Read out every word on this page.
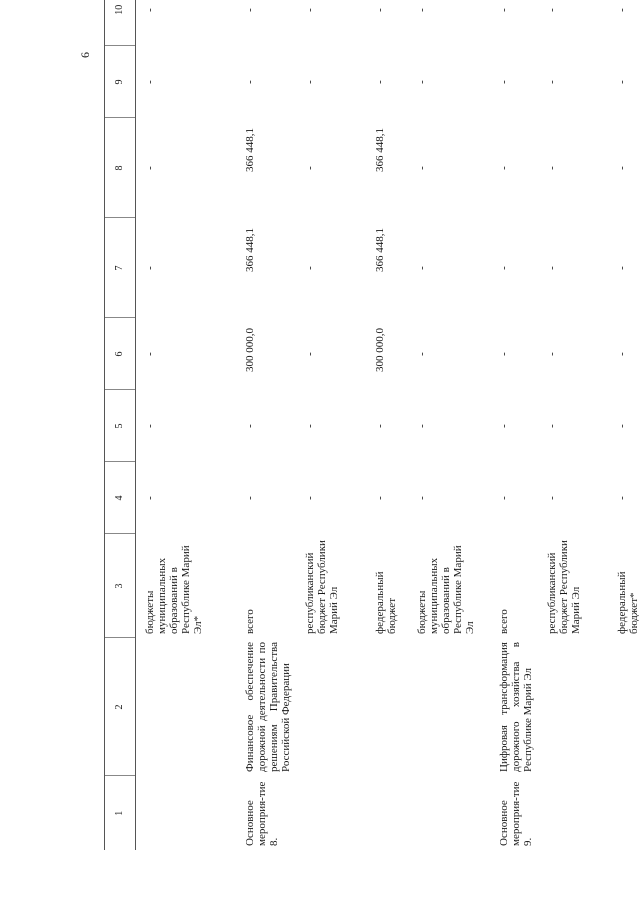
6
1	2	3	4	5	6	7	8	9	10
		бюджеты муниципальных образований в Республике Марий Эл*	-	-	-	-	-	-	-
Основное мероприя-тие 8.	Финансовое обеспечение дорожной деятельности по решениям Правительства Российской Федерации	всего	-	-	300 000,0	366 448,1	366 448,1	-	-
		республиканский бюджет Республики Марий Эл	-	-	-	-	-	-	-
		федеральный бюджет	-	-	300 000,0	366 448,1	366 448,1	-	-
		бюджеты муниципальных образований в Республике Марий Эл	-	-	-	-	-	-	-
Основное мероприя-тие 9.	Цифровая трансформация дорожного хозяйства в Республике Марий Эл	всего	-	-	-	-	-	-	-
		республиканский бюджет Республики Марий Эл	-	-	-	-	-	-	-
		федеральный бюджет*	-	-	-	-	-	-	-
